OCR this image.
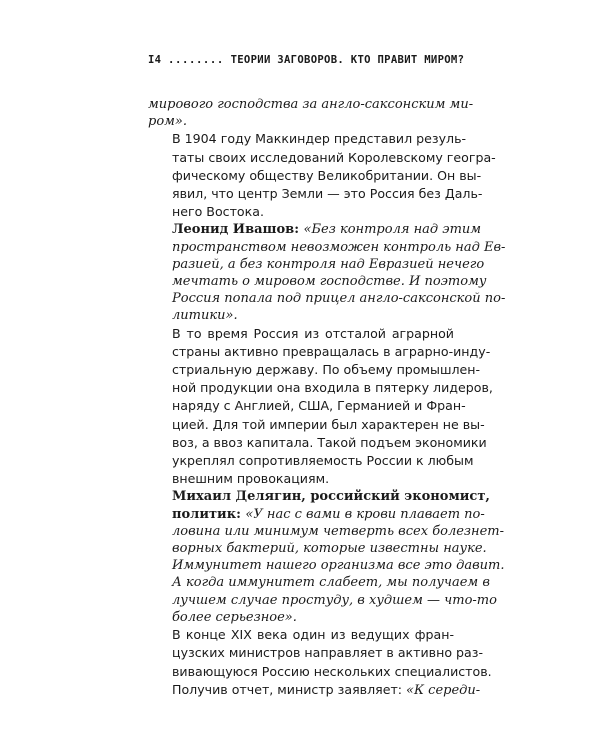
I4 ........ ТЕОРИИ ЗАГОВОРОВ. КТО ПРАВИТ МИРОМ?

мирового господства за англо-саксонским ми-
ром».

В 1904 году Маккиндер представил резуль-
таты своих исследований Королевскому геогра-
фическому обществу Великобритании. Он вы-
явил, что центр Земли — это Россия без Даль-
него Востока.

Леонид Ивашов: «Без контроля над этим
пространством невозможен контроль над Ев-
разией, а без контроля над Евразией нечего
мечтать о мировом господстве. И поэтому
Россия попала под прицел англо-саксонской по-
литики».

В то время Россия из отсталой аграрной
страны активно превращалась в аграрно-инду-
стриальную державу. По объему промышлен-
ной продукции она входила в пятерку лидеров,
наряду с Англией, США, Германией и Фран-
цией. Для той империи был характерен не вы-
воз, а ввоз капитала. Такой подъем экономики
укреплял сопротивляемость России к любым
внешним провокациям.

Михаил Делягин, российский экономист,
политик: «У нас с вами в крови плавает по-
ловина или минимум четверть всех болезнет-
ворных бактерий, которые известны науке.
Иммунитет нашего организма все это давит.
А когда иммунитет слабеет, мы получаем в
лучшем случае простуду, в худшем — что-то
более серьезное».

В конце XIX века один из ведущих фран-
цузских министров направляет в активно раз-
вивающуюся Россию нескольких специалистов.
Получив отчет, министр заявляет: «К середи-
